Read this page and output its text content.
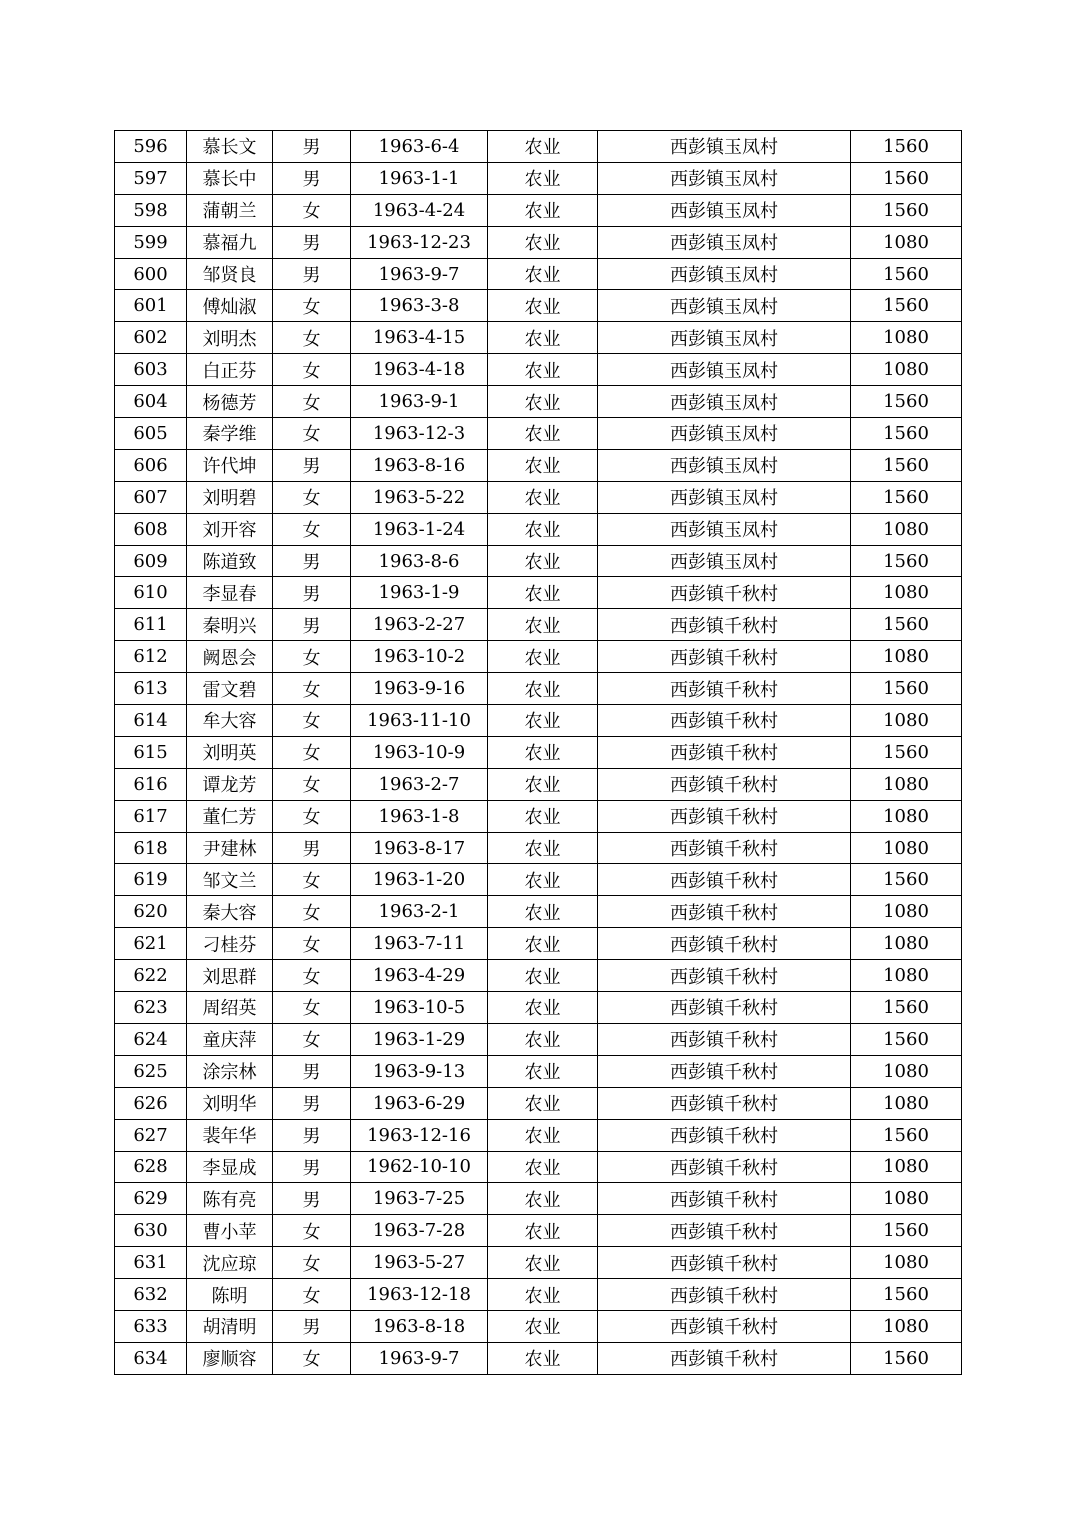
596	慕长文	男	1963-6-4	农业	西彭镇玉凤村	1560
597	慕长中	男	1963-1-1	农业	西彭镇玉凤村	1560
598	蒲朝兰	女	1963-4-24	农业	西彭镇玉凤村	1560
599	慕福九	男	1963-12-23	农业	西彭镇玉凤村	1080
600	邹贤良	男	1963-9-7	农业	西彭镇玉凤村	1560
601	傅灿淑	女	1963-3-8	农业	西彭镇玉凤村	1560
602	刘明杰	女	1963-4-15	农业	西彭镇玉凤村	1080
603	白正芬	女	1963-4-18	农业	西彭镇玉凤村	1080
604	杨德芳	女	1963-9-1	农业	西彭镇玉凤村	1560
605	秦学维	女	1963-12-3	农业	西彭镇玉凤村	1560
606	许代坤	男	1963-8-16	农业	西彭镇玉凤村	1560
607	刘明碧	女	1963-5-22	农业	西彭镇玉凤村	1560
608	刘开容	女	1963-1-24	农业	西彭镇玉凤村	1080
609	陈道致	男	1963-8-6	农业	西彭镇玉凤村	1560
610	李显春	男	1963-1-9	农业	西彭镇千秋村	1080
611	秦明兴	男	1963-2-27	农业	西彭镇千秋村	1560
612	阙恩会	女	1963-10-2	农业	西彭镇千秋村	1080
613	雷文碧	女	1963-9-16	农业	西彭镇千秋村	1560
614	牟大容	女	1963-11-10	农业	西彭镇千秋村	1080
615	刘明英	女	1963-10-9	农业	西彭镇千秋村	1560
616	谭龙芳	女	1963-2-7	农业	西彭镇千秋村	1080
617	董仁芳	女	1963-1-8	农业	西彭镇千秋村	1080
618	尹建林	男	1963-8-17	农业	西彭镇千秋村	1080
619	邹文兰	女	1963-1-20	农业	西彭镇千秋村	1560
620	秦大容	女	1963-2-1	农业	西彭镇千秋村	1080
621	刁桂芬	女	1963-7-11	农业	西彭镇千秋村	1080
622	刘思群	女	1963-4-29	农业	西彭镇千秋村	1080
623	周绍英	女	1963-10-5	农业	西彭镇千秋村	1560
624	童庆萍	女	1963-1-29	农业	西彭镇千秋村	1560
625	涂宗林	男	1963-9-13	农业	西彭镇千秋村	1080
626	刘明华	男	1963-6-29	农业	西彭镇千秋村	1080
627	裴年华	男	1963-12-16	农业	西彭镇千秋村	1560
628	李显成	男	1962-10-10	农业	西彭镇千秋村	1080
629	陈有亮	男	1963-7-25	农业	西彭镇千秋村	1080
630	曹小苹	女	1963-7-28	农业	西彭镇千秋村	1560
631	沈应琼	女	1963-5-27	农业	西彭镇千秋村	1080
632	陈明	女	1963-12-18	农业	西彭镇千秋村	1560
633	胡清明	男	1963-8-18	农业	西彭镇千秋村	1080
634	廖顺容	女	1963-9-7	农业	西彭镇千秋村	1560
